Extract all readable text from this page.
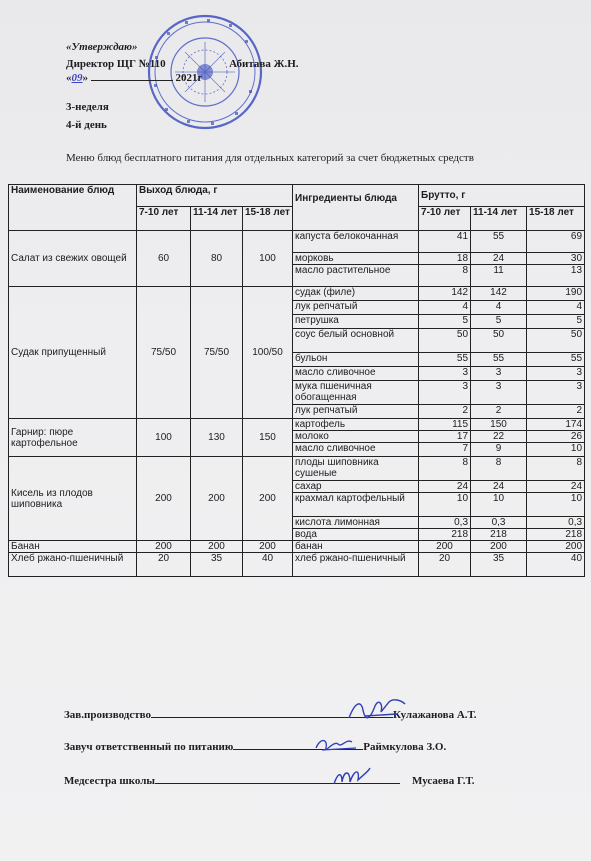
«Утверждаю»
Директор ЩГ №110	Абитава Ж.Н.
«09»	2021г
3-неделя
4-й день
Меню блюд бесплатного питания для отдельных категорий за счет бюджетных средств
Наименование блюд	Выход блюда, г			Ингредиенты блюда	Брутто, г		
	7-10 лет	11-14 лет	15-18 лет		7-10 лет	11-14 лет	15-18 лет
Салат из свежих овощей	60	80	100	капуста белокочанная	41	55	69
				морковь	18	24	30
				масло растительное	8	11	13
Судак припущенный	75/50	75/50	100/50	судак (филе)	142	142	190
				лук репчатый	4	4	4
				петрушка	5	5	5
				соус белый основной	50	50	50
				бульон	55	55	55
				масло сливочное	3	3	3
				мука пшеничная обогащенная	3	3	3
				лук репчатый	2	2	2
Гарнир: пюре картофельное	100	130	150	картофель	115	150	174
				молоко	17	22	26
				масло сливочное	7	9	10
Кисель из плодов шиповника	200	200	200	плоды шиповника сушеные	8	8	8
				сахар	24	24	24
				крахмал картофельный	10	10	10
				кислота лимонная	0,3	0,3	0,3
				вода	218	218	218
Банан	200	200	200	банан	200	200	200
Хлеб ржано-пшеничный	20	35	40	хлеб ржано-пшеничный	20	35	40
Зав.производство	Кулажанова А.Т.
Завуч ответственный по питанию	Раймкулова З.О.
Медсестра школы	Мусаева Г.Т.
